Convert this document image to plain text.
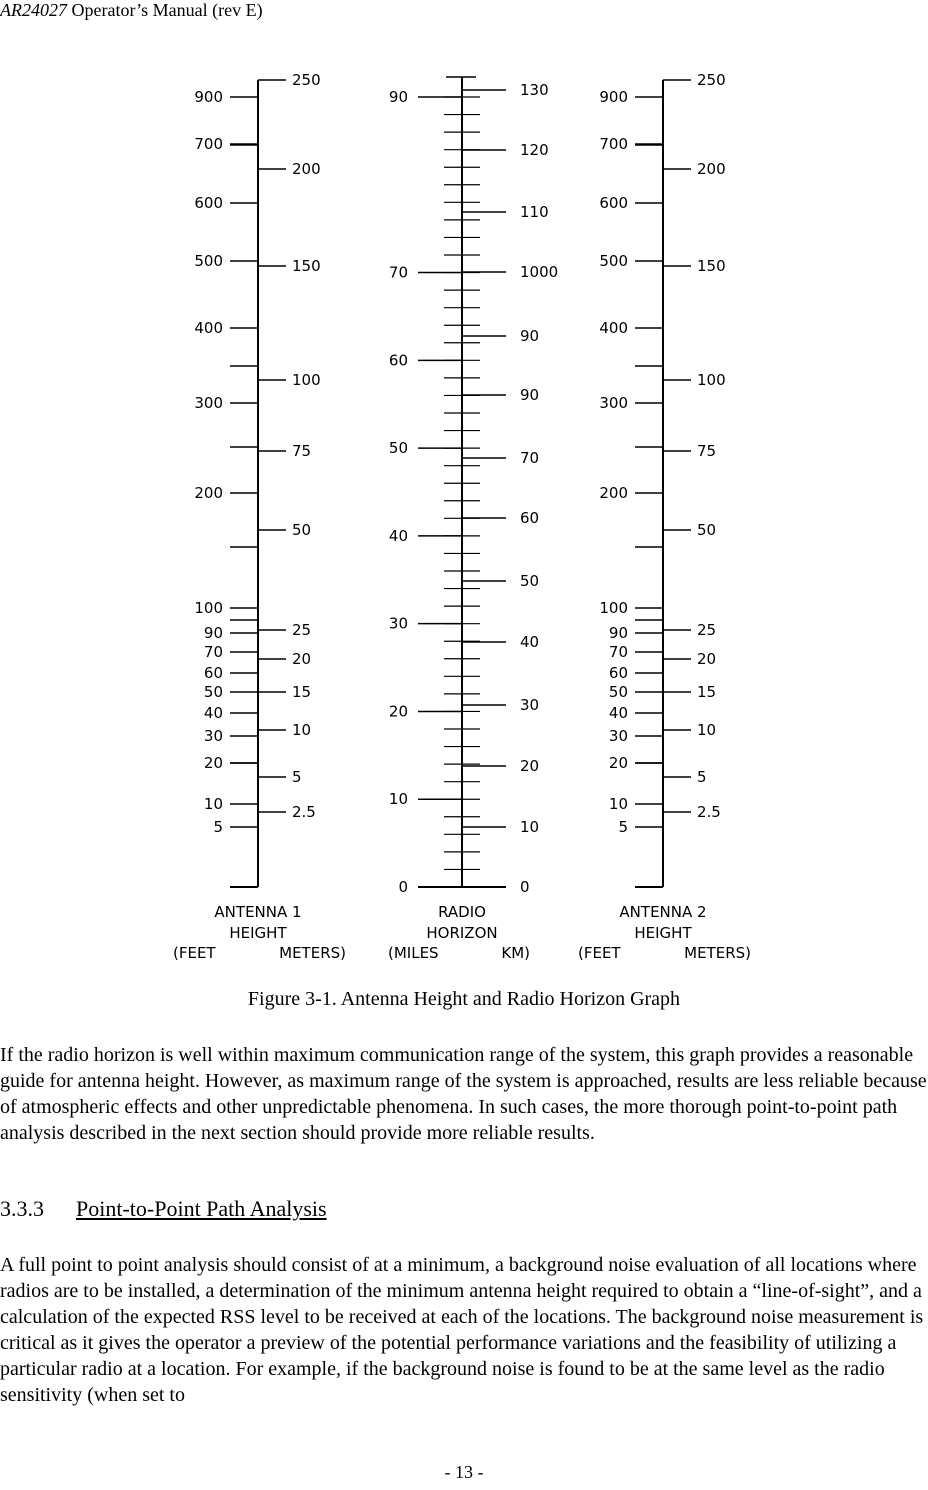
AR24027 Operator’s Manual (rev E)
900
700
600
500
400
300
200
100
90
70
60
50
40
30
20
10
5
250
200
150
100
75
50
25
20
15
10
5
2.5
ANTENNA 1
HEIGHT
(FEET	METERS)
900
700
600
500
400
300
200
100
90
70
60
50
40
30
20
10
5
250
200
150
100
75
50
25
20
15
10
5
2.5
ANTENNA 2
HEIGHT
(FEET	METERS)
90
70
60
50
40
30
20
10
0
130
120
110
1000
90
90
70
60
50
40
30
20
10
0
RADIO
HORIZON
(MILES	KM)
Figure 3-1. Antenna Height and Radio Horizon Graph

If the radio horizon is well within maximum communication range of the system, this graph provides a reasonable guide for antenna height. However, as maximum range of the system is approached, results are less reliable because of atmospheric effects and other unpredictable phenomena. In such cases, the more thorough point-to-point path analysis described in the next section should provide more reliable results.

3.3.3 Point-to-Point Path Analysis

A full point to point analysis should consist of at a minimum, a background noise evaluation of all locations where radios are to be installed, a determination of the minimum antenna height required to obtain a “line-of-sight”, and a calculation of the expected RSS level to be received at each of the locations. The background noise measurement is critical as it gives the operator a preview of the potential performance variations and the feasibility of utilizing a particular radio at a location. For example, if the background noise is found to be at the same level as the radio sensitivity (when set to

- 13 -
